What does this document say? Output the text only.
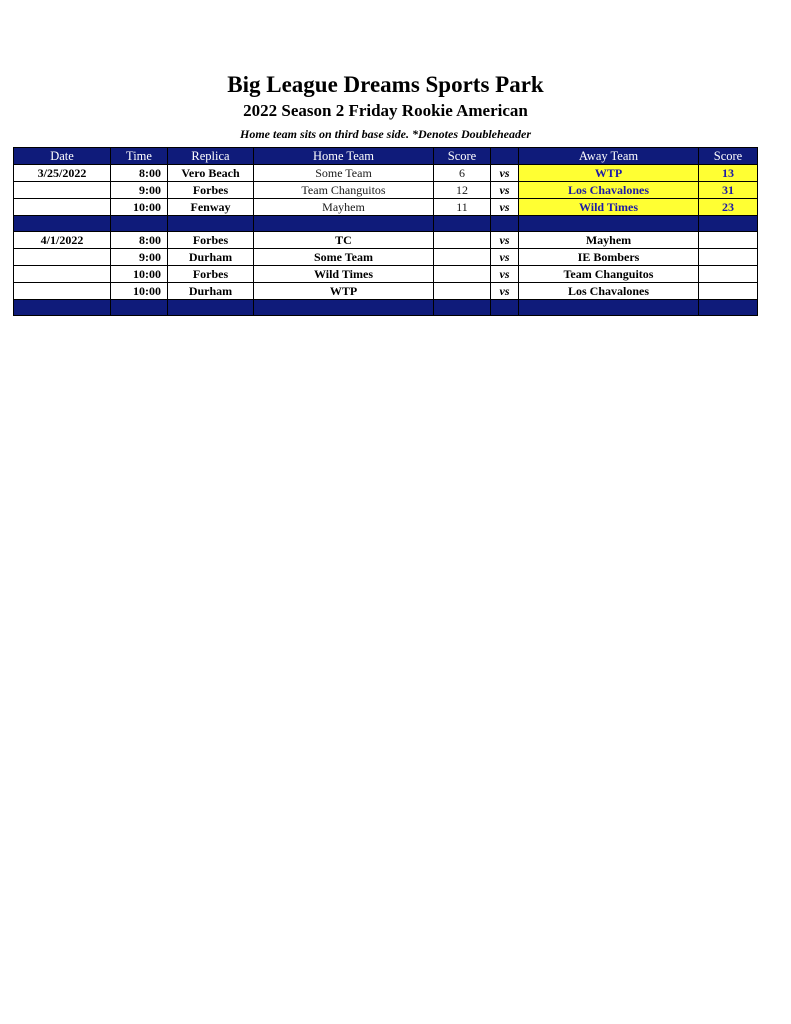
Big League Dreams Sports Park
2022 Season 2 Friday Rookie American
Home team sits on third base side. *Denotes Doubleheader
Date	Time	Replica	Home Team	Score		Away Team	Score
3/25/2022	8:00	Vero Beach	Some Team	6	vs	WTP	13
	9:00	Forbes	Team Changuitos	12	vs	Los Chavalones	31
	10:00	Fenway	Mayhem	11	vs	Wild Times	23

4/1/2022	8:00	Forbes	TC		vs	Mayhem	
	9:00	Durham	Some Team		vs	IE Bombers	
	10:00	Forbes	Wild Times		vs	Team Changuitos	
	10:00	Durham	WTP		vs	Los Chavalones	
